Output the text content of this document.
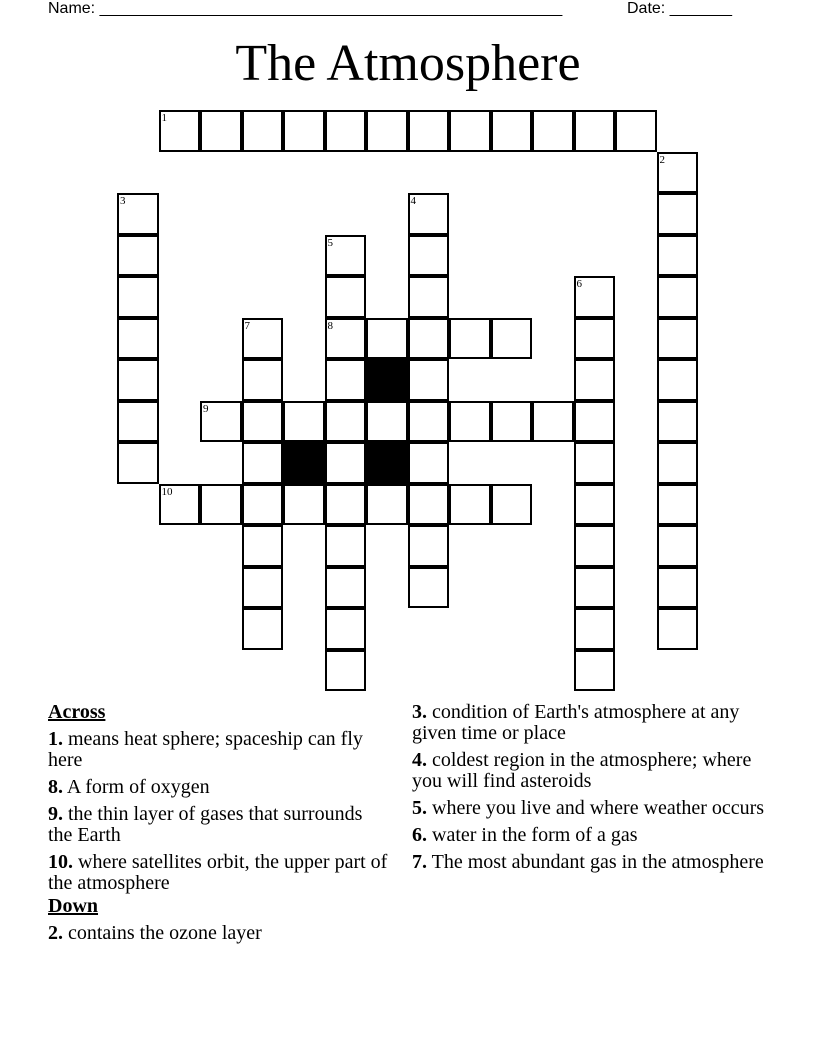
Name: ____________________________________________________	Date: _______
The Atmosphere
1
2
3	4
5
6
7	8
9
10
Across
1. means heat sphere; spaceship can fly here
8. A form of oxygen
9. the thin layer of gases that surrounds the Earth
10. where satellites orbit, the upper part of the atmosphere
Down
2. contains the ozone layer
3. condition of Earth's atmosphere at any given time or place
4. coldest region in the atmosphere; where you will find asteroids
5. where you live and where weather occurs
6. water in the form of a gas
7. The most abundant gas in the atmosphere
